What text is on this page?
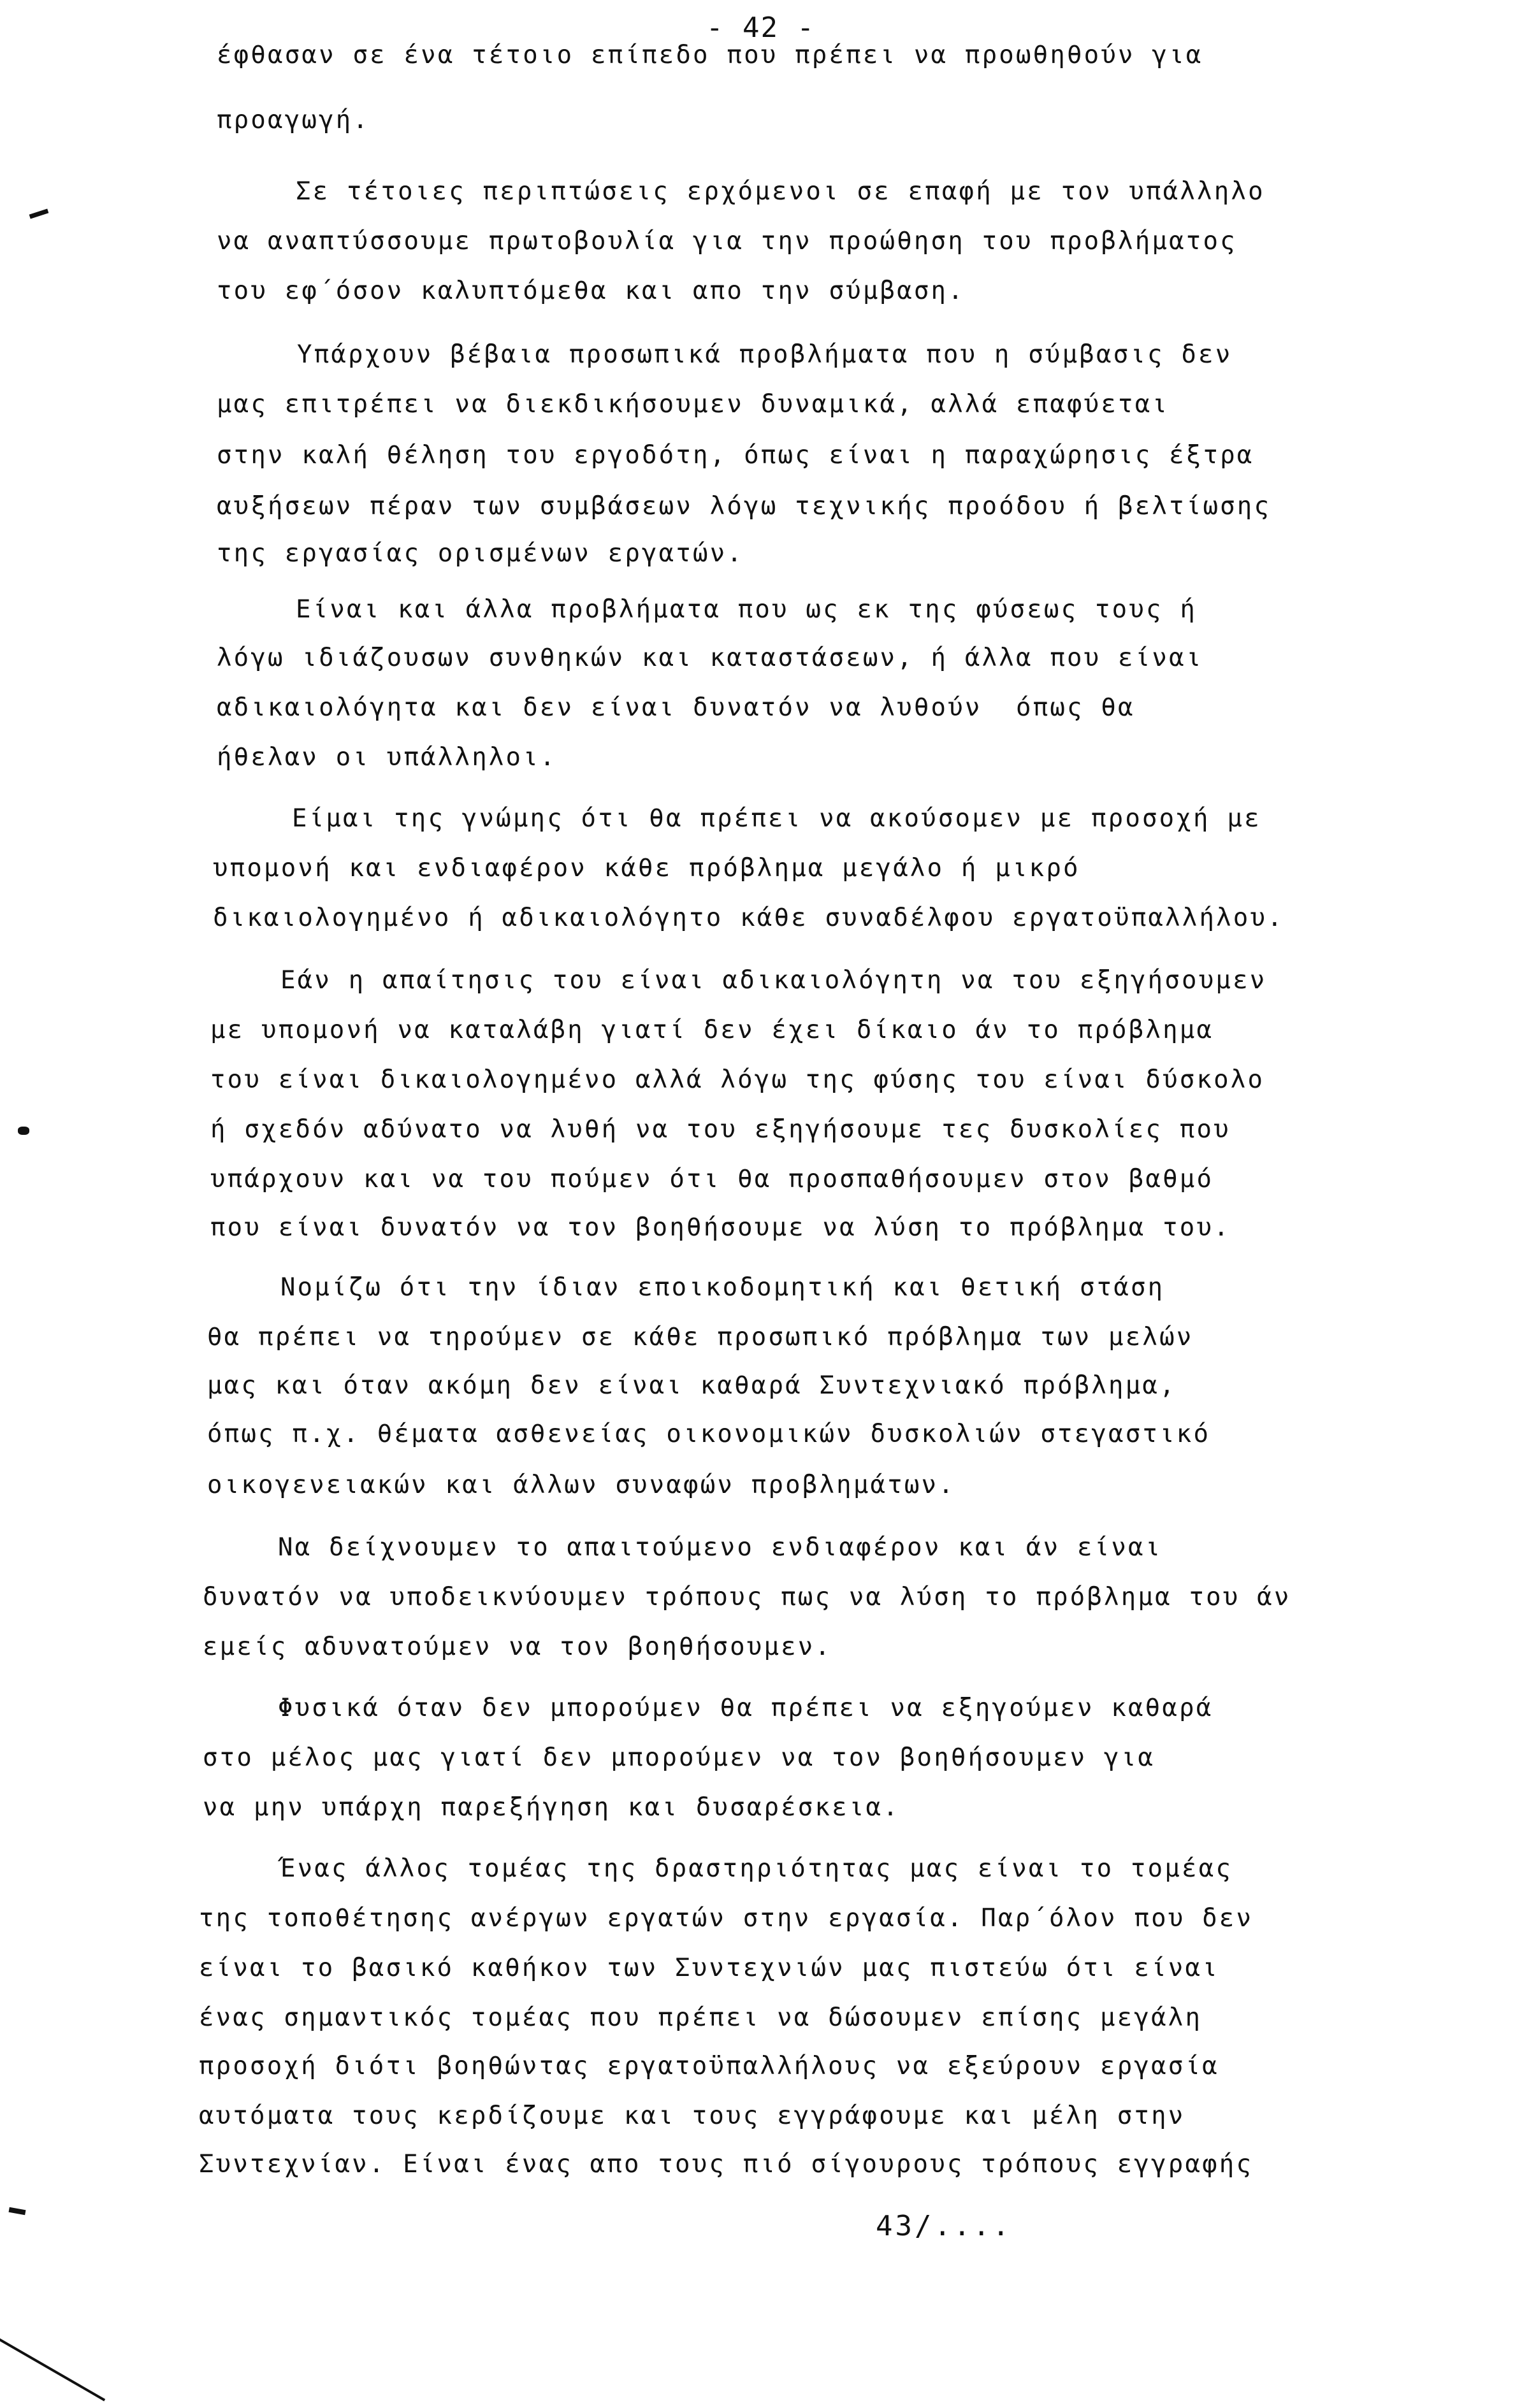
- 42 -
έφθασαν σε ένα τέτοιο επίπεδο που πρέπει να προωθηθούν για
προαγωγή.
Σε τέτοιες περιπτώσεις ερχόμενοι σε επαφή με τον υπάλληλο
να αναπτύσσουμε πρωτοβουλία για την προώθηση του προβλήματος
του εφ΄όσον καλυπτόμεθα και απο την σύμβαση.
Υπάρχουν βέβαια προσωπικά προβλήματα που η σύμβασις δεν
μας επιτρέπει να διεκδικήσουμεν δυναμικά, αλλά επαφύεται
στην καλή θέληση του εργοδότη, όπως είναι η παραχώρησις έξτρα
αυξήσεων πέραν των συμβάσεων λόγω τεχνικής προόδου ή βελτίωσης
της εργασίας ορισμένων εργατών.
Είναι και άλλα προβλήματα που ως εκ της φύσεως τους ή
λόγω ιδιάζουσων συνθηκών και καταστάσεων, ή άλλα που είναι
αδικαιολόγητα και δεν είναι δυνατόν να λυθούν  όπως θα
ήθελαν οι υπάλληλοι.
Είμαι της γνώμης ότι θα πρέπει να ακούσομεν με προσοχή με
υπομονή και ενδιαφέρον κάθε πρόβλημα μεγάλο ή μικρό
δικαιολογημένο ή αδικαιολόγητο κάθε συναδέλφου εργατοϋπαλλήλου.
Εάν η απαίτησις του είναι αδικαιολόγητη να του εξηγήσουμεν
με υπομονή να καταλάβη γιατί δεν έχει δίκαιο άν το πρόβλημα
του είναι δικαιολογημένο αλλά λόγω της φύσης του είναι δύσκολο
ή σχεδόν αδύνατο να λυθή να του εξηγήσουμε τες δυσκολίες που
υπάρχουν και να του πούμεν ότι θα προσπαθήσουμεν στον βαθμό
που είναι δυνατόν να τον βοηθήσουμε να λύση το πρόβλημα του.
Νομίζω ότι την ίδιαν εποικοδομητική και θετική στάση
θα πρέπει να τηρούμεν σε κάθε προσωπικό πρόβλημα των μελών
μας και όταν ακόμη δεν είναι καθαρά Συντεχνιακό πρόβλημα,
όπως π.χ. θέματα ασθενείας οικονομικών δυσκολιών στεγαστικό
οικογενειακών και άλλων συναφών προβλημάτων.
Να δείχνουμεν το απαιτούμενο ενδιαφέρον και άν είναι
δυνατόν να υποδεικνύουμεν τρόπους πως να λύση το πρόβλημα του άν
εμείς αδυνατούμεν να τον βοηθήσουμεν.
Φυσικά όταν δεν μπορούμεν θα πρέπει να εξηγούμεν καθαρά
στο μέλος μας γιατί δεν μπορούμεν να τον βοηθήσουμεν για
να μην υπάρχη παρεξήγηση και δυσαρέσκεια.
Ένας άλλος τομέας της δραστηριότητας μας είναι το τομέας
της τοποθέτησης ανέργων εργατών στην εργασία. Παρ΄όλον που δεν
είναι το βασικό καθήκον των Συντεχνιών μας πιστεύω ότι είναι
ένας σημαντικός τομέας που πρέπει να δώσουμεν επίσης μεγάλη
προσοχή διότι βοηθώντας εργατοϋπαλλήλους να εξεύρουν εργασία
αυτόματα τους κερδίζουμε και τους εγγράφουμε και μέλη στην
Συντεχνίαν. Είναι ένας απο τους πιό σίγουρους τρόπους εγγραφής
43/....
